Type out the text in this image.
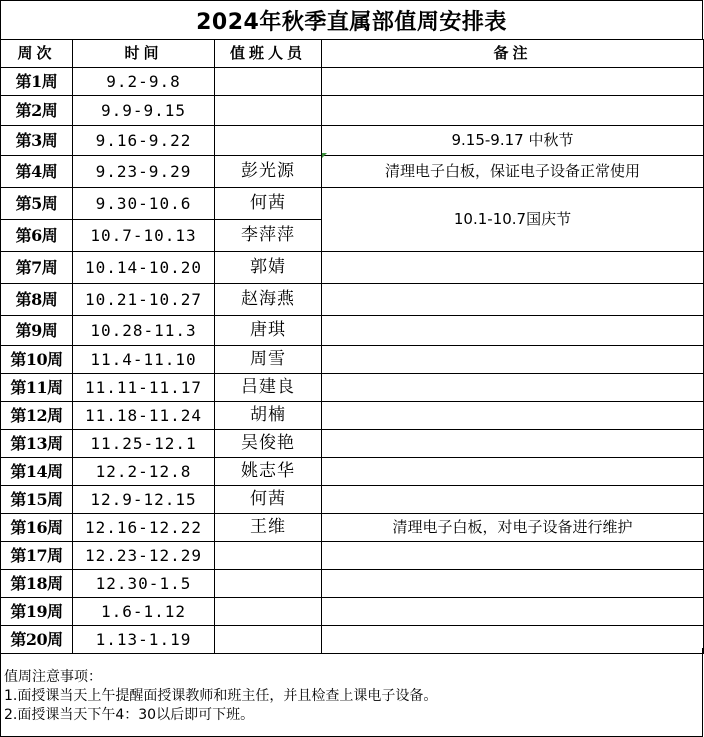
2024年秋季直属部值周安排表
周次	时间	值班人员	备注
第1周	9.2-9.8		
第2周	9.9-9.15		
第3周	9.16-9.22		9.15-9.17 中秋节
第4周	9.23-9.29	彭光源	清理电子白板，保证电子设备正常使用
第5周	9.30-10.6	何茜	10.1-10.7国庆节
第6周	10.7-10.13	李萍萍	
第7周	10.14-10.20	郭婧	
第8周	10.21-10.27	赵海燕	
第9周	10.28-11.3	唐琪	
第10周	11.4-11.10	周雪	
第11周	11.11-11.17	吕建良	
第12周	11.18-11.24	胡楠	
第13周	11.25-12.1	吴俊艳	
第14周	12.2-12.8	姚志华	
第15周	12.9-12.15	何茜	
第16周	12.16-12.22	王维	清理电子白板，对电子设备进行维护
第17周	12.23-12.29		
第18周	12.30-1.5		
第19周	1.6-1.12		
第20周	1.13-1.19		
值周注意事项：
1.面授课当天上午提醒面授课教师和班主任，并且检查上课电子设备。
2.面授课当天下午4：30以后即可下班。
